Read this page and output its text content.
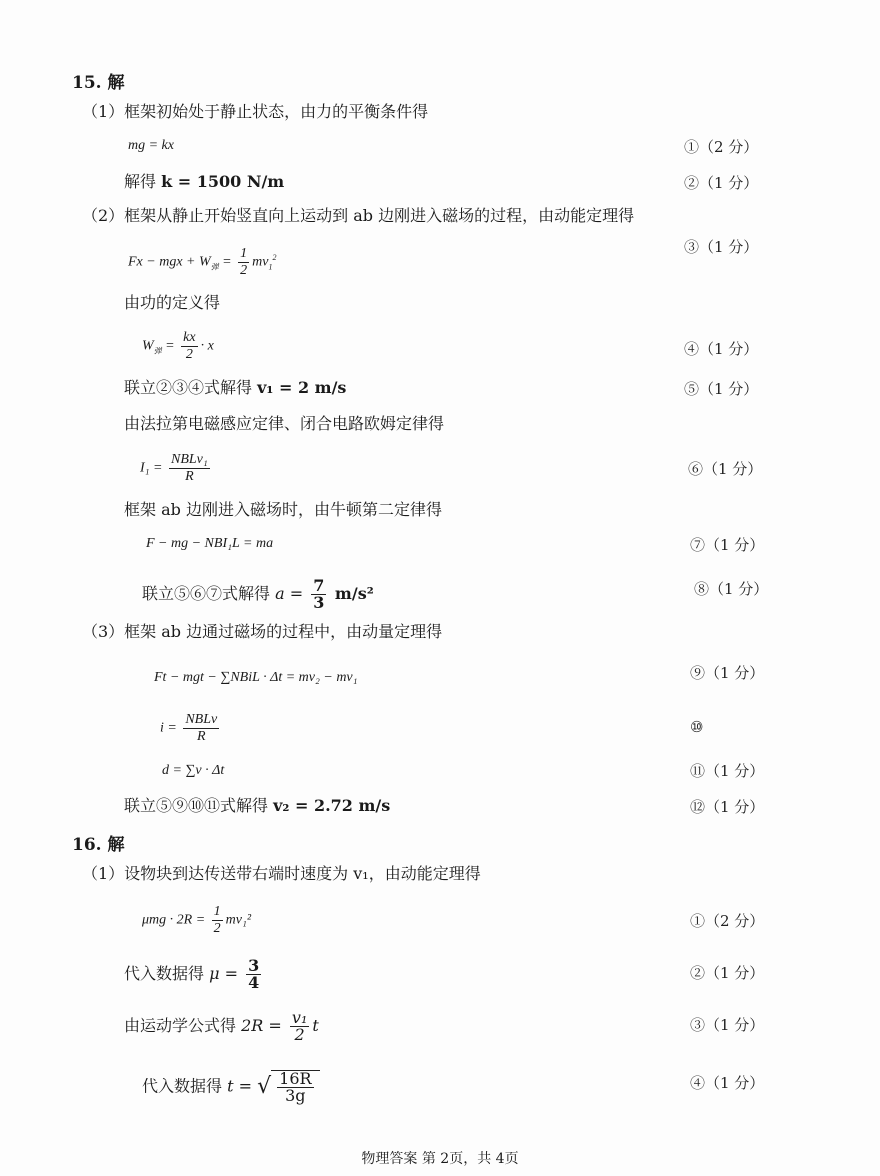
15. 解
（1）框架初始处于静止状态，由力的平衡条件得
mg = kx	①（2 分）
解得 k = 1500 N/m	②（1 分）
（2）框架从静止开始竖直向上运动到 ab 边刚进入磁场的过程，由动能定理得
③（1 分）
Fx − mgx + $W_弹 = \frac{1}{2} mv_1^2$
由功的定义得
$W_弹 = \frac{kx}{2} \cdot x$	④（1 分）
联立②③④式解得 v₁ = 2 m/s	⑤（1 分）
由法拉第电磁感应定律、闭合电路欧姆定律得
$I_1 = \frac{\text{NBLv₁}}{R}$	⑥（1 分）
框架 ab 边刚进入磁场时，由牛顿第二定律得
F − mg − NBI₁L = ma	⑦（1 分）
联立⑤⑥⑦式解得 $a = \frac{7}{3} m/s^2$	⑧（1 分）
（3）框架 ab 边通过磁场的过程中，由动量定理得
Ft − mgt − ∑NBiL · Δt = mv₂ − mv₁	⑨（1 分）
$i = \frac{\text{NBLv}}{R}$	⑩
d = ∑v · Δt	⑪（1 分）
联立⑤⑨⑩⑪式解得 v₂ = 2.72 m/s	⑫（1 分）
16. 解
（1）设物块到达传送带右端时速度为 v₁，由动能定理得
$\mu mg \cdot 2R = \frac{1}{2} mv_1^2$	①（2 分）
代入数据得 $\mu = \frac{3}{4}$	②（1 分）
由运动学公式得 $2R = \frac{\text{v₁}}{2}$ t	③（1 分）
代入数据得 t = √ $\frac{16R}{3g}$	④（1 分）
物理答案 第 2页，共 4页
